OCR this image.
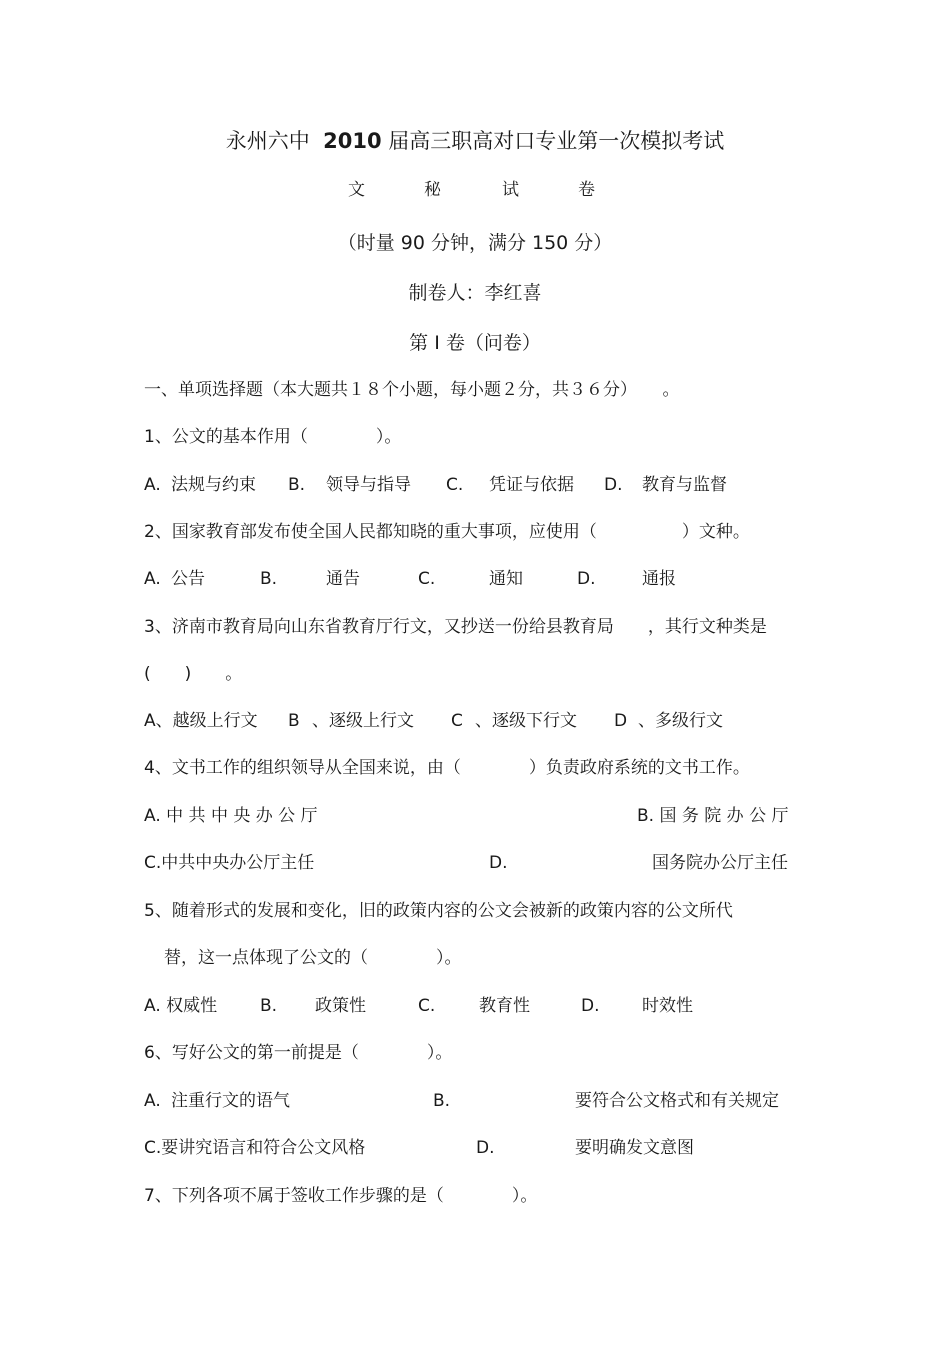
永州六中 2010 届高三职高对口专业第一次模拟考试
文	秘	试	卷
（时量 90 分钟，满分 150 分）
制卷人：李红喜
第 I 卷（问卷）
一、单项选择题（本大题共１８个小题，每小题２分，共３６分）　　。
1、公文的基本作用（　　　　）。
A. 法规与约束 B. 领导与指导 C. 凭证与依据 D. 教育与监督
2、国家教育部发布使全国人民都知晓的重大事项，应使用（　　　　　）文种。
A. 公告	B.	通告	C.	通知	D.	通报
3、济南市教育局向山东省教育厅行文，又抄送一份给县教育局　　，其行文种类是
(　　)　　。
A、越级上行文 B 、逐级上行文 C 、逐级下行文 D 、多级行文
4、文书工作的组织领导从全国来说，由（　　　　）负责政府系统的文书工作。
A. 中 共 中 央 办 公 厅	B. 国 务 院 办 公 厅
C.中共中央办公厅主任	D.	国务院办公厅主任
5、随着形式的发展和变化，旧的政策内容的公文会被新的政策内容的公文所代
替，这一点体现了公文的（　　　　）。
A. 权威性	B. 政策性	C.	教育性	D.	时效性
6、写好公文的第一前提是（　　　　）。
A. 注重行文的语气	B.	要符合公文格式和有关规定
C.要讲究语言和符合公文风格	D.	要明确发文意图
7、下列各项不属于签收工作步骤的是（　　　　）。
